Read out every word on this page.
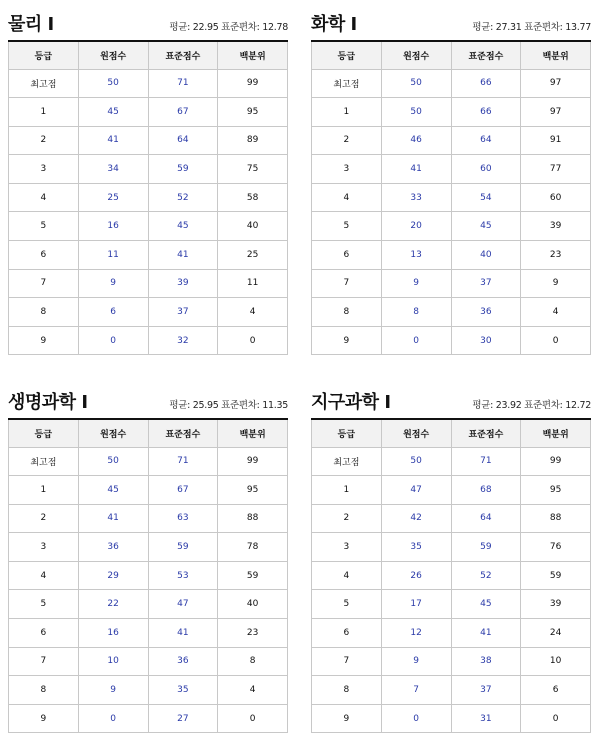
물리 I	평균: 22.95 표준편차: 12.78
등급	원점수	표준점수	백분위
최고점	50	71	99
1	45	67	95
2	41	64	89
3	34	59	75
4	25	52	58
5	16	45	40
6	11	41	25
7	9	39	11
8	6	37	4
9	0	32	0
화학 I	평균: 27.31 표준편차: 13.77
등급	원점수	표준점수	백분위
최고점	50	66	97
1	50	66	97
2	46	64	91
3	41	60	77
4	33	54	60
5	20	45	39
6	13	40	23
7	9	37	9
8	8	36	4
9	0	30	0
생명과학 I	평균: 25.95 표준편차: 11.35
등급	원점수	표준점수	백분위
최고점	50	71	99
1	45	67	95
2	41	63	88
3	36	59	78
4	29	53	59
5	22	47	40
6	16	41	23
7	10	36	8
8	9	35	4
9	0	27	0
지구과학 I	평균: 23.92 표준편차: 12.72
등급	원점수	표준점수	백분위
최고점	50	71	99
1	47	68	95
2	42	64	88
3	35	59	76
4	26	52	59
5	17	45	39
6	12	41	24
7	9	38	10
8	7	37	6
9	0	31	0
